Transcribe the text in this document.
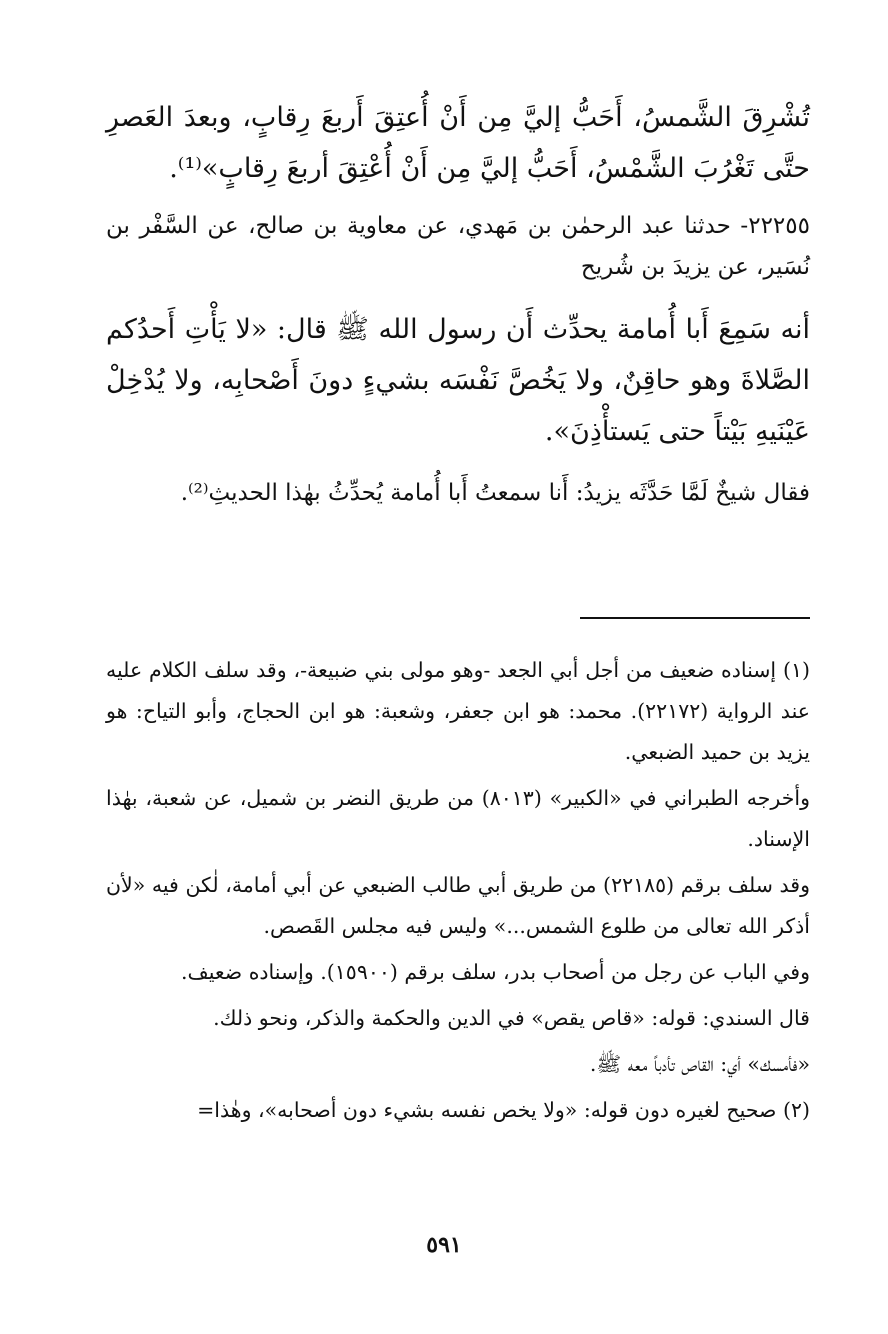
تُشْرِقَ الشَّمسُ، أَحَبُّ إليَّ مِن أَنْ أُعتِقَ أَربعَ رِقابٍ، وبعدَ العَصرِ حتَّى تَغْرُبَ الشَّمْسُ، أَحَبُّ إليَّ مِن أَنْ أُعْتِقَ أربعَ رِقابٍ»⁽¹⁾.

٢٢٢٥٥- حدثنا عبد الرحمٰن بن مَهدي، عن معاوية بن صالح، عن السَّفْر بن نُسَير، عن يزيدَ بن شُريح

أنه سَمِعَ أَبا أُمامة يحدِّث أَن رسول الله ﷺ قال: «لا يَأْتِ أَحدُكم الصَّلاةَ وهو حاقِنٌ، ولا يَخُصَّ نَفْسَه بشيءٍ دونَ أَصْحابِه، ولا يُدْخِلْ عَيْنَيهِ بَيْتاً حتى يَستأْذِنَ».

فقال شيخٌ لَمَّا حَدَّثَه يزيدُ: أَنا سمعتُ أَبا أُمامة يُحدِّثُ بهٰذا الحديثِ⁽²⁾.

(١) إسناده ضعيف من أجل أبي الجعد -وهو مولى بني ضبيعة-، وقد سلف الكلام عليه عند الرواية (٢٢١٧٢). محمد: هو ابن جعفر، وشعبة: هو ابن الحجاج، وأبو التياح: هو يزيد بن حميد الضبعي.

وأخرجه الطبراني في «الكبير» (٨٠١٣) من طريق النضر بن شميل، عن شعبة، بهٰذا الإسناد.

وقد سلف برقم (٢٢١٨٥) من طريق أبي طالب الضبعي عن أبي أمامة، لٰكن فيه «لأن أذكر الله تعالى من طلوع الشمس...» وليس فيه مجلس القَصص.

وفي الباب عن رجل من أصحاب بدر، سلف برقم (١٥٩٠٠). وإسناده ضعيف.

قال السندي: قوله: «قاص يقص» في الدين والحكمة والذكر، ونحو ذلك.

«فأمسك» أي: القاص تأدباً معه ﷺ.

(٢) صحيح لغيره دون قوله: «ولا يخص نفسه بشيء دون أصحابه»، وهٰذا=

٥٩١
